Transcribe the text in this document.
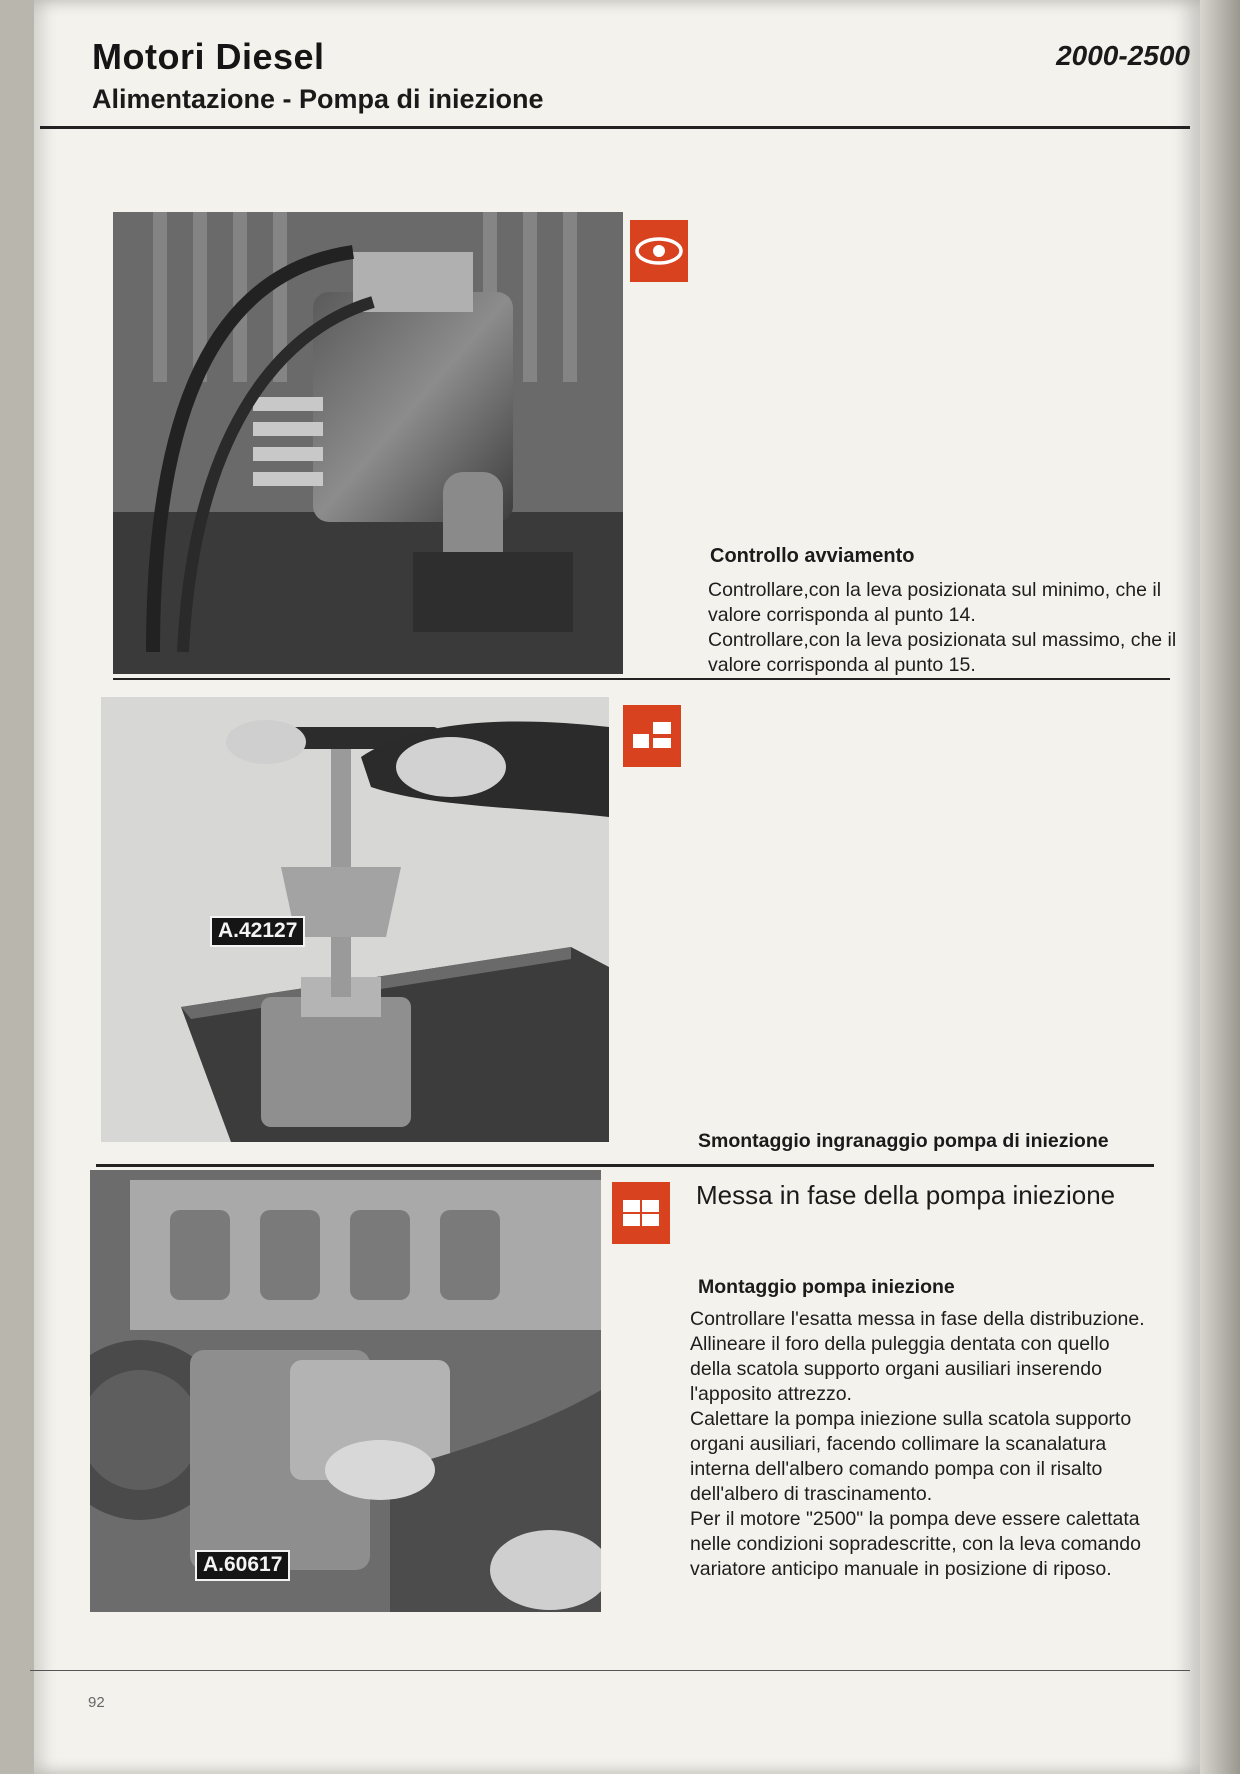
Motori Diesel
Alimentazione - Pompa di iniezione
2000-2500
Controllo avviamento
Controllare,con la leva posizionata sul minimo, che il valore corrisponda al punto 14.
Controllare,con la leva posizionata sul massimo, che il valore corrisponda al punto 15.
A.42127
Smontaggio ingranaggio pompa di iniezione
A.60617
Messa in fase della pompa iniezione
Montaggio pompa iniezione
Controllare l'esatta messa in fase della distribuzione.
Allineare il foro della puleggia dentata con quello della scatola supporto organi ausiliari inserendo l'apposito attrezzo.
Calettare la pompa iniezione sulla scatola supporto organi ausiliari, facendo collimare la scanalatura interna dell'albero comando pompa con il risalto dell'albero di trascinamento.
Per il motore "2500" la pompa deve essere calettata nelle condizioni sopradescritte, con la leva comando variatore anticipo manuale in posizione di riposo.
92
